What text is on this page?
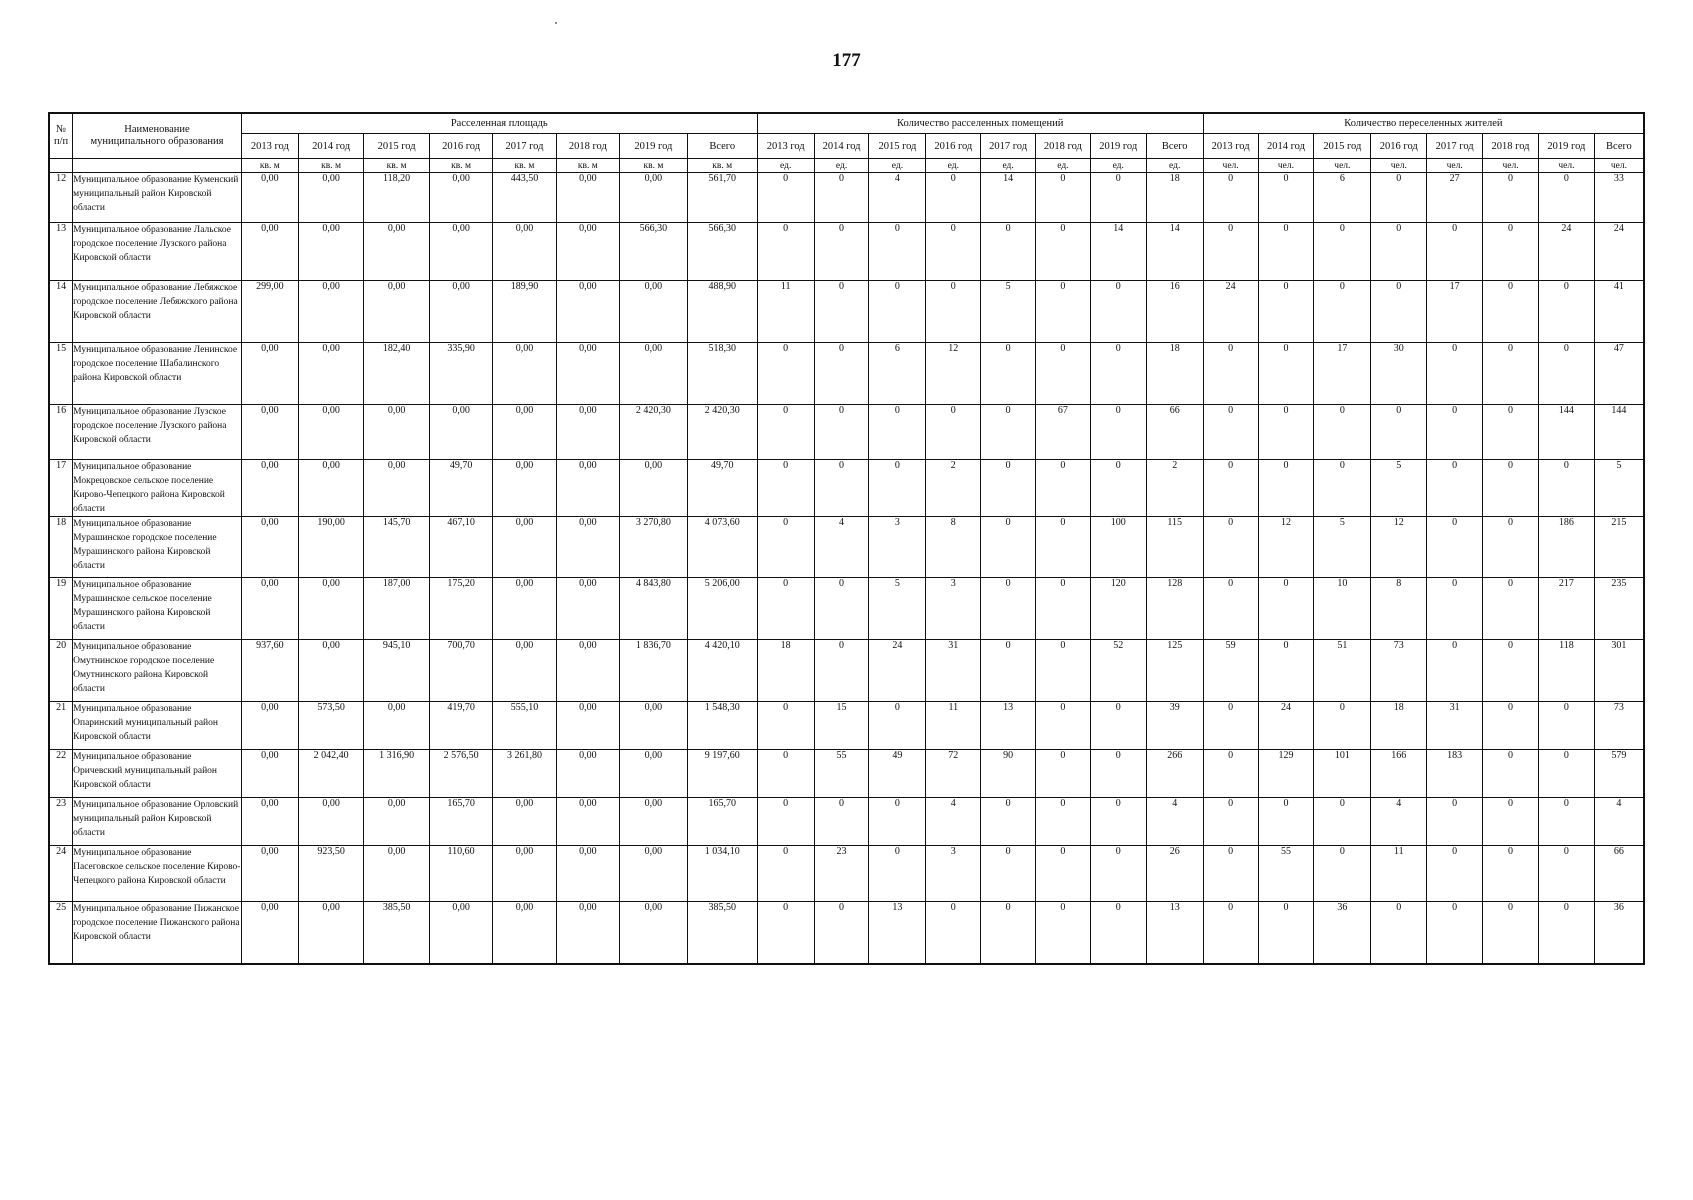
177
№
п/п	Наименование
муниципального образования	Расселенная площадь								Количество расселенных помещений								Количество переселенных жителей							
		2013 год	2014 год	2015 год	2016 год	2017 год	2018 год	2019 год	Всего	2013 год	2014 год	2015 год	2016 год	2017 год	2018 год	2019 год	Всего	2013 год	2014 год	2015 год	2016 год	2017 год	2018 год	2019 год	Всего
		кв. м	кв. м	кв. м	кв. м	кв. м	кв. м	кв. м	кв. м	ед.	ед.	ед.	ед.	ед.	ед.	ед.	ед.	чел.	чел.	чел.	чел.	чел.	чел.	чел.	чел.
12	Муниципальное образование Куменский муниципальный район Кировской области	0,00	0,00	118,20	0,00	443,50	0,00	0,00	561,70	0	0	4	0	14	0	0	18	0	0	6	0	27	0	0	33
13	Муниципальное образование Лальское городское поселение Лузского района Кировской области	0,00	0,00	0,00	0,00	0,00	0,00	566,30	566,30	0	0	0	0	0	0	14	14	0	0	0	0	0	0	24	24
14	Муниципальное образование Лебяжское городское поселение Лебяжского района Кировской области	299,00	0,00	0,00	0,00	189,90	0,00	0,00	488,90	11	0	0	0	5	0	0	16	24	0	0	0	17	0	0	41
15	Муниципальное образование Ленинское городское поселение Шабалинского района Кировской области	0,00	0,00	182,40	335,90	0,00	0,00	0,00	518,30	0	0	6	12	0	0	0	18	0	0	17	30	0	0	0	47
16	Муниципальное образование Лузское городское поселение Лузского района Кировской области	0,00	0,00	0,00	0,00	0,00	0,00	2 420,30	2 420,30	0	0	0	0	0	67	0	66	0	0	0	0	0	0	144	144
17	Муниципальное образование Мокрецовское сельское поселение Кирово-Чепецкого района Кировской области	0,00	0,00	0,00	49,70	0,00	0,00	0,00	49,70	0	0	0	2	0	0	0	2	0	0	0	5	0	0	0	5
18	Муниципальное образование Мурашинское городское поселение Мурашинского района Кировской области	0,00	190,00	145,70	467,10	0,00	0,00	3 270,80	4 073,60	0	4	3	8	0	0	100	115	0	12	5	12	0	0	186	215
19	Муниципальное образование Мурашинское сельское поселение Мурашинского района Кировской области	0,00	0,00	187,00	175,20	0,00	0,00	4 843,80	5 206,00	0	0	5	3	0	0	120	128	0	0	10	8	0	0	217	235
20	Муниципальное образование Омутнинское городское поселение Омутнинского района Кировской области	937,60	0,00	945,10	700,70	0,00	0,00	1 836,70	4 420,10	18	0	24	31	0	0	52	125	59	0	51	73	0	0	118	301
21	Муниципальное образование Опаринский муниципальный район Кировской области	0,00	573,50	0,00	419,70	555,10	0,00	0,00	1 548,30	0	15	0	11	13	0	0	39	0	24	0	18	31	0	0	73
22	Муниципальное образование Оричевский муниципальный район Кировской области	0,00	2 042,40	1 316,90	2 576,50	3 261,80	0,00	0,00	9 197,60	0	55	49	72	90	0	0	266	0	129	101	166	183	0	0	579
23	Муниципальное образование Орловский муниципальный район Кировской области	0,00	0,00	0,00	165,70	0,00	0,00	0,00	165,70	0	0	0	4	0	0	0	4	0	0	0	4	0	0	0	4
24	Муниципальное образование Пасеговское сельское поселение Кирово-Чепецкого района Кировской области	0,00	923,50	0,00	110,60	0,00	0,00	0,00	1 034,10	0	23	0	3	0	0	0	26	0	55	0	11	0	0	0	66
25	Муниципальное образование Пижанское городское поселение Пижанского района Кировской области	0,00	0,00	385,50	0,00	0,00	0,00	0,00	385,50	0	0	13	0	0	0	0	13	0	0	36	0	0	0	0	36
